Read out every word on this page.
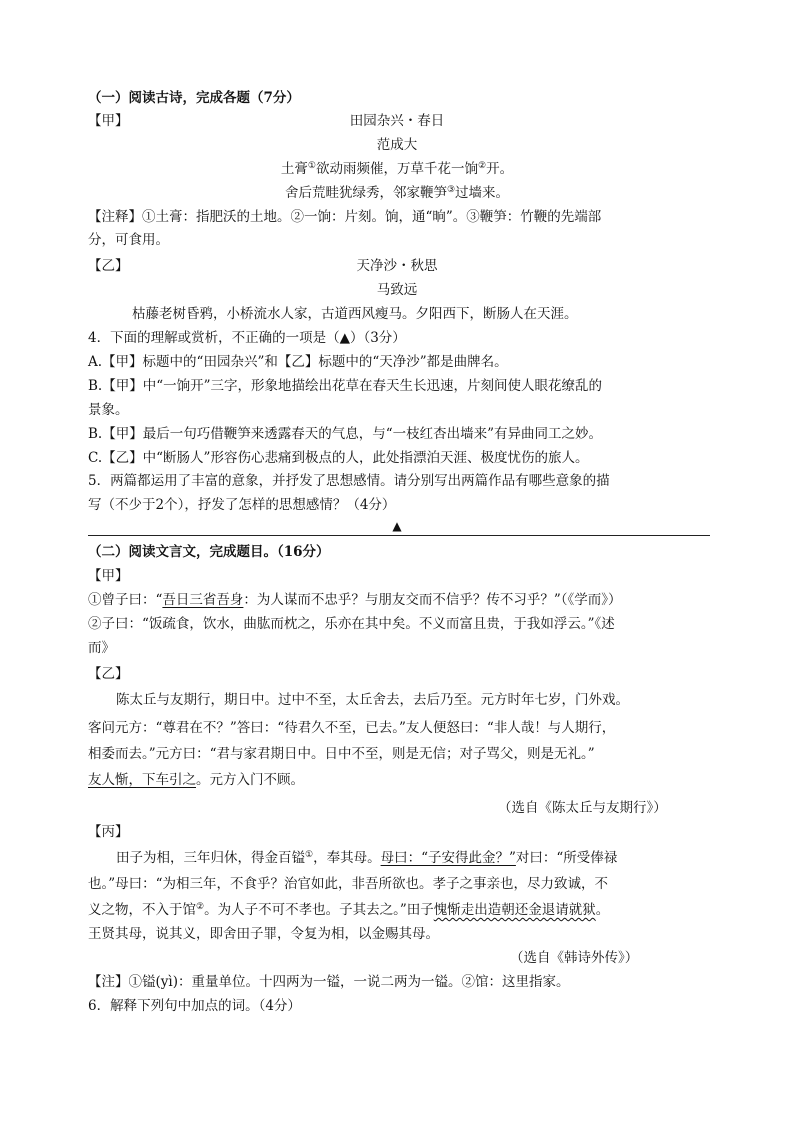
（一）阅读古诗，完成各题（7分）
【甲】	田园杂兴・春日
范成大
土膏①欲动雨频催，万草千花一饷②开。
舍后荒畦犹绿秀，邻家鞭笋③过墙来。
【注释】①土膏：指肥沃的土地。②一饷：片刻。饷，通“晌”。③鞭笋：竹鞭的先端部
分，可食用。
【乙】	天净沙・秋思
马致远
枯藤老树昏鸦，小桥流水人家，古道西风瘦马。夕阳西下，断肠人在天涯。
4．下面的理解或赏析，不正确的一项是（▲）（3分）
A.【甲】标题中的“田园杂兴”和【乙】标题中的“天净沙”都是曲牌名。
B.【甲】中“一饷开”三字，形象地描绘出花草在春天生长迅速，片刻间使人眼花缭乱的
景象。
B.【甲】最后一句巧借鞭笋来透露春天的气息，与“一枝红杏出墙来”有异曲同工之妙。
C.【乙】中“断肠人”形容伤心悲痛到极点的人，此处指漂泊天涯、极度忧伤的旅人。
5．两篇都运用了丰富的意象，并抒发了思想感情。请分别写出两篇作品有哪些意象的描
写（不少于2个），抒发了怎样的思想感情？（4分）
▲
（二）阅读文言文，完成题目。（16分）
【甲】
①曾子曰：“吾日三省吾身：为人谋而不忠乎？与朋友交而不信乎？传不习乎？”（《学而》）
②子曰：“饭疏食，饮水，曲肱而枕之，乐亦在其中矣。不义而富且贵，于我如浮云。”《述
而》
【乙】
陈太丘与友期行，期日中。过中不至，太丘舍去，去后乃至。元方时年七岁，门外戏。
客问元方：“尊君在不？”答曰：“待君久不至，已去。”友人便怒曰：“非人哉！与人期行，
相委而去。”元方曰：“君与家君期日中。日中不至，则是无信；对子骂父，则是无礼。”
友人惭，下车引之。元方入门不顾。
（选自《陈太丘与友期行》）
【丙】
田子为相，三年归休，得金百镒①，奉其母。母曰：“子安得此金？”对曰：“所受俸禄
也。”母曰：“为相三年，不食乎？治官如此，非吾所欲也。孝子之事亲也，尽力致诚，不
义之物，不入于馆②。为人子不可不孝也。子其去之。”田子愧惭走出造朝还金退请就狱。
王贤其母，说其义，即舍田子罪，令复为相，以金赐其母。
（选自《韩诗外传》）
【注】①镒(yì)：重量单位。十四两为一镒，一说二两为一镒。②馆：这里指家。
6．解释下列句中加点的词。（4分）
